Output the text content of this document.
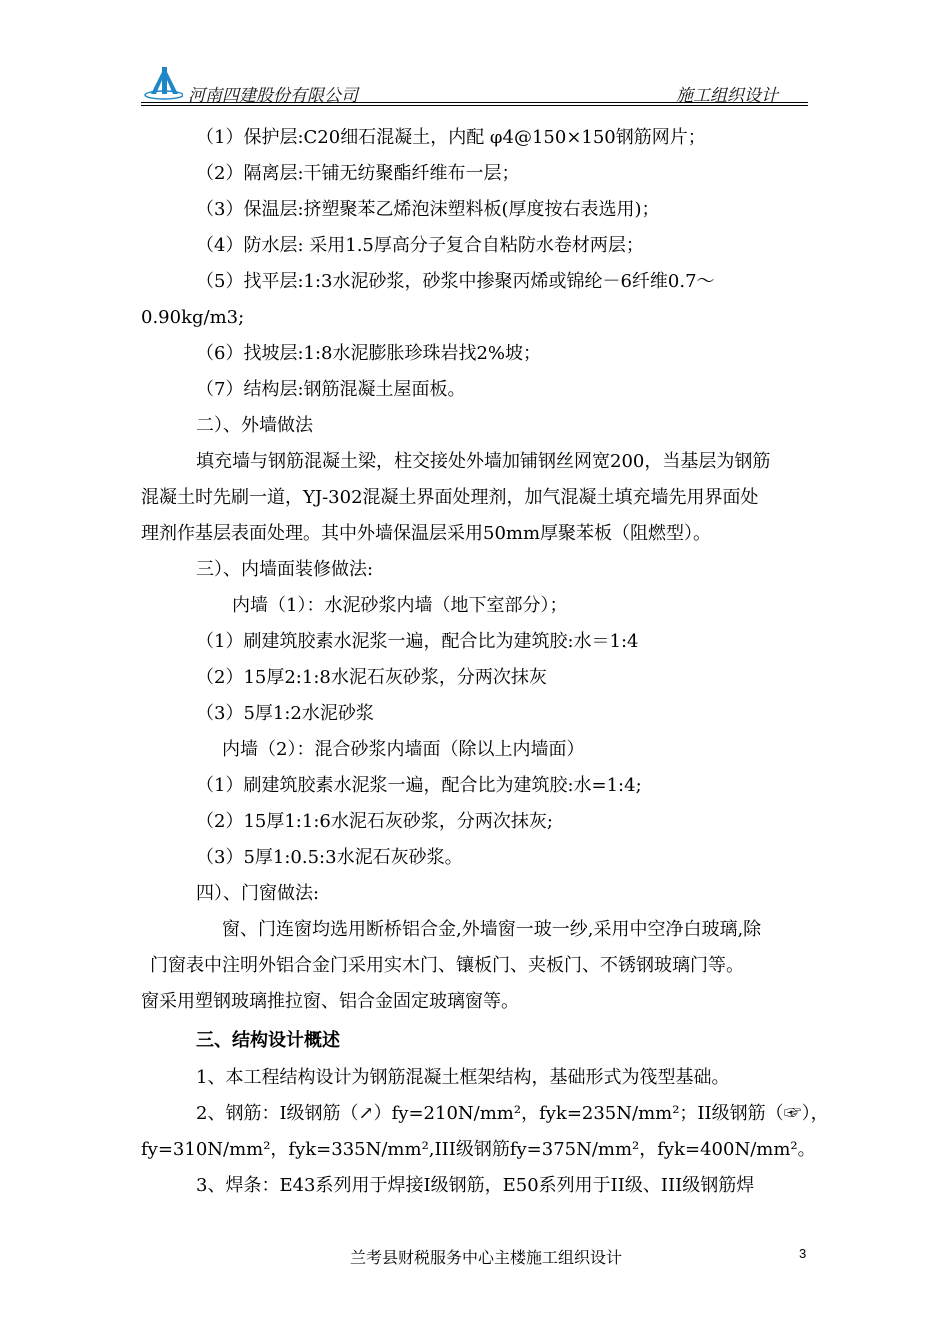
河南四建股份有限公司	施工组织设计
（1）保护层:C20细石混凝土，内配 φ4@150×150钢筋网片；
（2）隔离层:干铺无纺聚酯纤维布一层；
（3）保温层:挤塑聚苯乙烯泡沫塑料板(厚度按右表选用)；
（4）防水层: 采用1.5厚高分子复合自粘防水卷材两层；
（5）找平层:1:3水泥砂浆，砂浆中掺聚丙烯或锦纶－6纤维0.7～
0.90kg/m3;
（6）找坡层:1:8水泥膨胀珍珠岩找2%坡；
（7）结构层:钢筋混凝土屋面板。
二）、外墙做法
填充墙与钢筋混凝土梁，柱交接处外墙加铺钢丝网宽200，当基层为钢筋
混凝土时先刷一道，YJ-302混凝土界面处理剂，加气混凝土填充墙先用界面处
理剂作基层表面处理。其中外墙保温层采用50mm厚聚苯板（阻燃型）。
三）、内墙面装修做法:
内墙（1）：水泥砂浆内墙（地下室部分）；
（1）刷建筑胶素水泥浆一遍，配合比为建筑胶:水＝1:4
（2）15厚2:1:8水泥石灰砂浆，分两次抹灰
（3）5厚1:2水泥砂浆
内墙（2）：混合砂浆内墙面（除以上内墙面）
（1）刷建筑胶素水泥浆一遍，配合比为建筑胶:水=1:4;
（2）15厚1:1:6水泥石灰砂浆，分两次抹灰;
（3）5厚1:0.5:3水泥石灰砂浆。
四）、门窗做法:
窗、门连窗均选用断桥铝合金,外墙窗一玻一纱,采用中空净白玻璃,除
门窗表中注明外铝合金门采用实木门、镶板门、夹板门、不锈钢玻璃门等。
窗采用塑钢玻璃推拉窗、铝合金固定玻璃窗等。
三、结构设计概述
1、本工程结构设计为钢筋混凝土框架结构，基础形式为筏型基础。
2、钢筋：I级钢筋（↗）fy=210N/mm²，fyk=235N/mm²；II级钢筋（☞），
fy=310N/mm²，fyk=335N/mm²,III级钢筋fy=375N/mm²，fyk=400N/mm²。
3、焊条：E43系列用于焊接I级钢筋，E50系列用于II级、III级钢筋焊
兰考县财税服务中心主楼施工组织设计	3
